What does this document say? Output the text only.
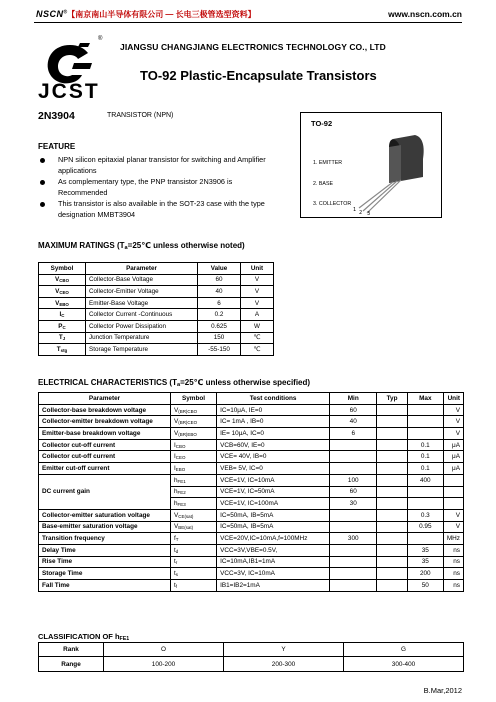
NSCN®【南京南山半导体有限公司 — 长电三极管选型资料】	www.nscn.com.cn
JCST
®
JIANGSU CHANGJIANG ELECTRONICS TECHNOLOGY CO., LTD
TO-92 Plastic-Encapsulate Transistors
2N3904	TRANSISTOR (NPN)
FEATURE
NPN silicon epitaxial planar transistor for switching and Amplifier applications
As complementary type, the PNP transistor 2N3906 is Recommended
This transistor is also available in the SOT-23 case with the type designation MMBT3904
TO-92
1. EMITTER
2. BASE
3. COLLECTOR
1 2 3
MAXIMUM RATINGS ($T_a=25℃$ unless otherwise noted)
Symbol	Parameter	Value	Unit
$V_{CBO}$	Collector-Base Voltage	60	V
$V_{CEO}$	Collector-Emitter Voltage	40	V
$V_{EBO}$	Emitter-Base Voltage	6	V
$I_C$	Collector Current -Continuous	0.2	A
$P_C$	Collector Power Dissipation	0.625	W
$T_J$	Junction Temperature	150	℃
$T_{stg}$	Storage Temperature	-55-150	℃
ELECTRICAL CHARACTERISTICS ($T_a=25℃$ unless otherwise specified)
Parameter	Symbol	Test conditions	Min	Typ	Max	Unit
Collector-base breakdown voltage	$V_{(BR)CBO}$	IC=10μA, IE=0	60			V
Collector-emitter breakdown voltage	$V_{(BR)CEO}$	IC= 1mA , IB=0	40			V
Emitter-base breakdown voltage	$V_{(BR)EBO}$	IE= 10μA, IC=0	6			V
Collector cut-off current	$I_{CBO}$	VCB=60V, IE=0			0.1	μA
Collector cut-off current	$I_{CEO}$	VCE= 40V, IB=0			0.1	μA
Emitter cut-off current	$I_{EBO}$	VEB= 5V, IC=0			0.1	μA
DC current gain	$h_{FE1}$	VCE=1V, IC=10mA	100		400	
	$h_{FE2}$	VCE=1V, IC=50mA	60			
	$h_{FE3}$	VCE=1V, IC=100mA	30			
Collector-emitter saturation voltage	$V_{CE(sat)}$	IC=50mA, IB=5mA			0.3	V
Base-emitter saturation voltage	$V_{BE(sat)}$	IC=50mA, IB=5mA			0.95	V
Transition frequency	$f_T$	VCE=20V,IC=10mA,f=100MHz	300			MHz
Delay Time	$t_d$	VCC=3V,VBE=0.5V,			35	ns
Rise Time	$t_r$	IC=10mA,IB1=1mA			35	ns
Storage Time	$t_s$	VCC=3V, IC=10mA			200	ns
Fall Time	$t_f$	IB1=IB2=1mA			50	ns
CLASSIFICATION OF $h_{FE1}$
Rank	O	Y	G
Range	100-200	200-300	300-400
B.Mar,2012
